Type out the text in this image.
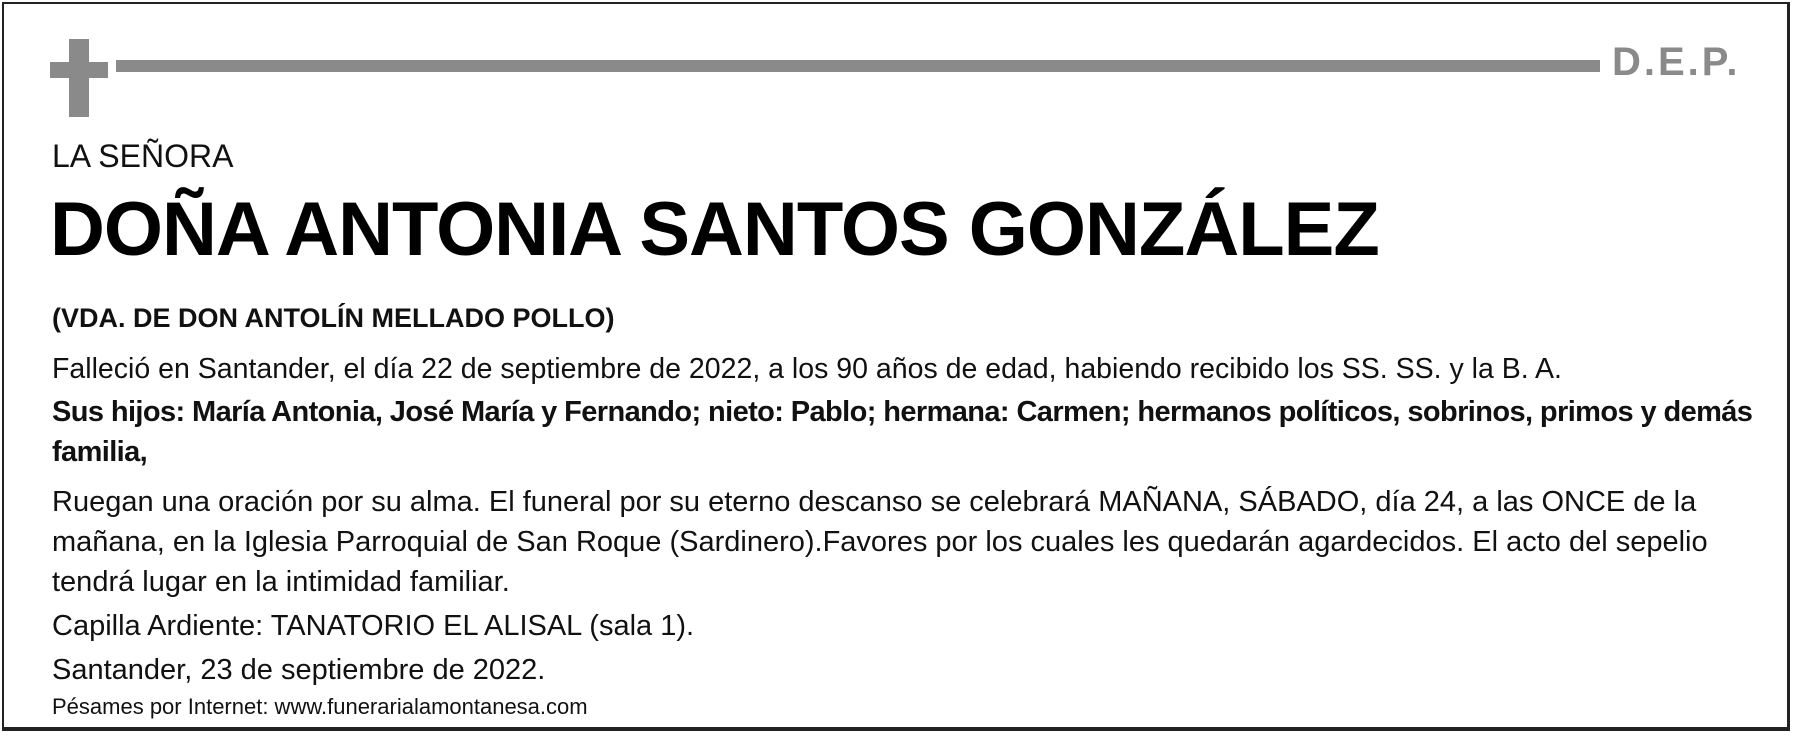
D.E.P.
LA SEÑORA
DOÑA ANTONIA SANTOS GONZÁLEZ
(VDA. DE DON ANTOLÍN MELLADO POLLO)
Falleció en Santander, el día 22 de septiembre de 2022, a los 90 años de edad, habiendo recibido los SS. SS. y la B. A.
Sus hijos: María Antonia, José María y Fernando; nieto: Pablo; hermana: Carmen; hermanos políticos, sobrinos, primos y demás familia,
Ruegan una oración por su alma. El funeral por su eterno descanso se celebrará MAÑANA, SÁBADO, día 24, a las ONCE de la mañana, en la Iglesia Parroquial de San Roque (Sardinero).Favores por los cuales les quedarán agardecidos. El acto del sepelio tendrá lugar en la intimidad familiar.
Capilla Ardiente: TANATORIO EL ALISAL (sala 1).
Santander, 23 de septiembre de 2022.
Pésames por Internet: www.funerarialamontanesa.com
